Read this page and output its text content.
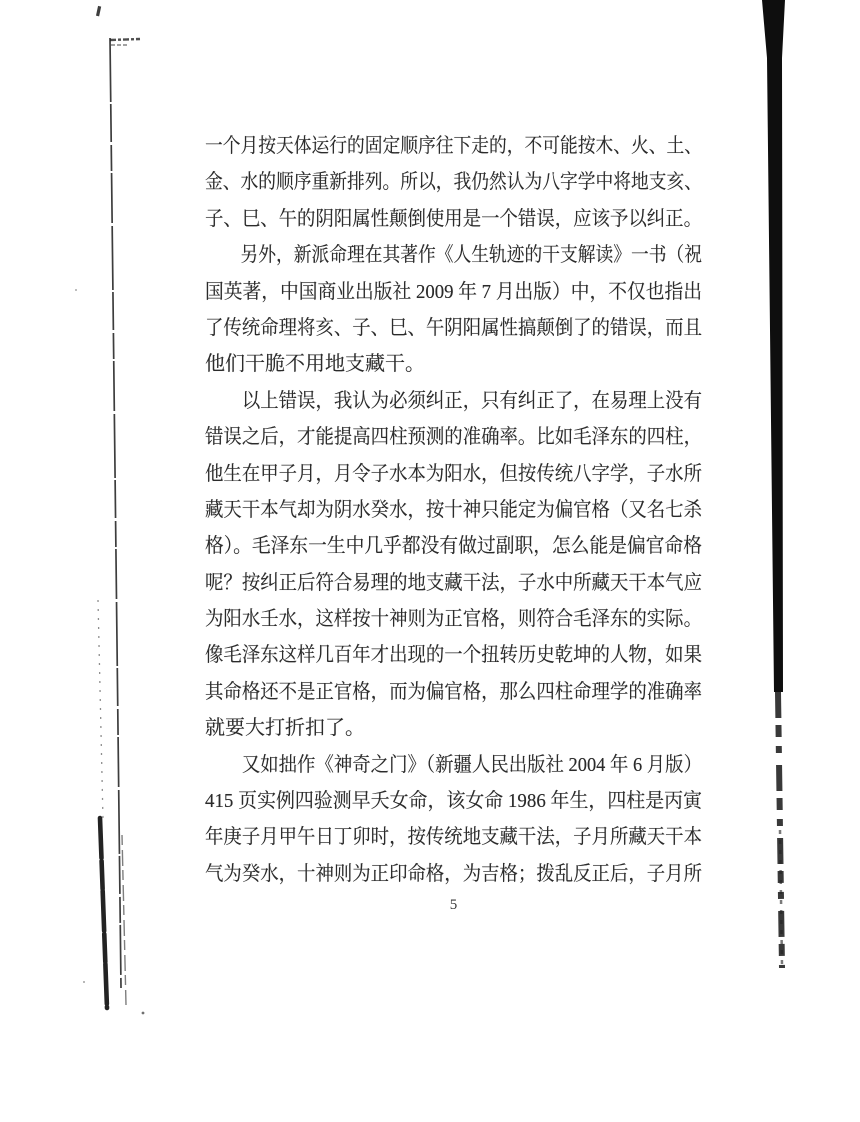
一个月按天体运行的固定顺序往下走的，不可能按木、火、土、
金、水的顺序重新排列。所以，我仍然认为八字学中将地支亥、
子、巳、午的阴阳属性颠倒使用是一个错误，应该予以纠正。
另外，新派命理在其著作《人生轨迹的干支解读》一书（祝
国英著，中国商业出版社 2009 年 7 月出版）中，不仅也指出
了传统命理将亥、子、巳、午阴阳属性搞颠倒了的错误，而且
他们干脆不用地支藏干。
以上错误，我认为必须纠正，只有纠正了，在易理上没有
错误之后，才能提高四柱预测的准确率。比如毛泽东的四柱，
他生在甲子月，月令子水本为阳水，但按传统八字学，子水所
藏天干本气却为阴水癸水，按十神只能定为偏官格（又名七杀
格）。毛泽东一生中几乎都没有做过副职，怎么能是偏官命格
呢？按纠正后符合易理的地支藏干法，子水中所藏天干本气应
为阳水壬水，这样按十神则为正官格，则符合毛泽东的实际。
像毛泽东这样几百年才出现的一个扭转历史乾坤的人物，如果
其命格还不是正官格，而为偏官格，那么四柱命理学的准确率
就要大打折扣了。
又如拙作《神奇之门》（新疆人民出版社 2004 年 6 月版）
415 页实例四验测早夭女命，该女命 1986 年生，四柱是丙寅
年庚子月甲午日丁卯时，按传统地支藏干法，子月所藏天干本
气为癸水，十神则为正印命格，为吉格；拨乱反正后，子月所
5
